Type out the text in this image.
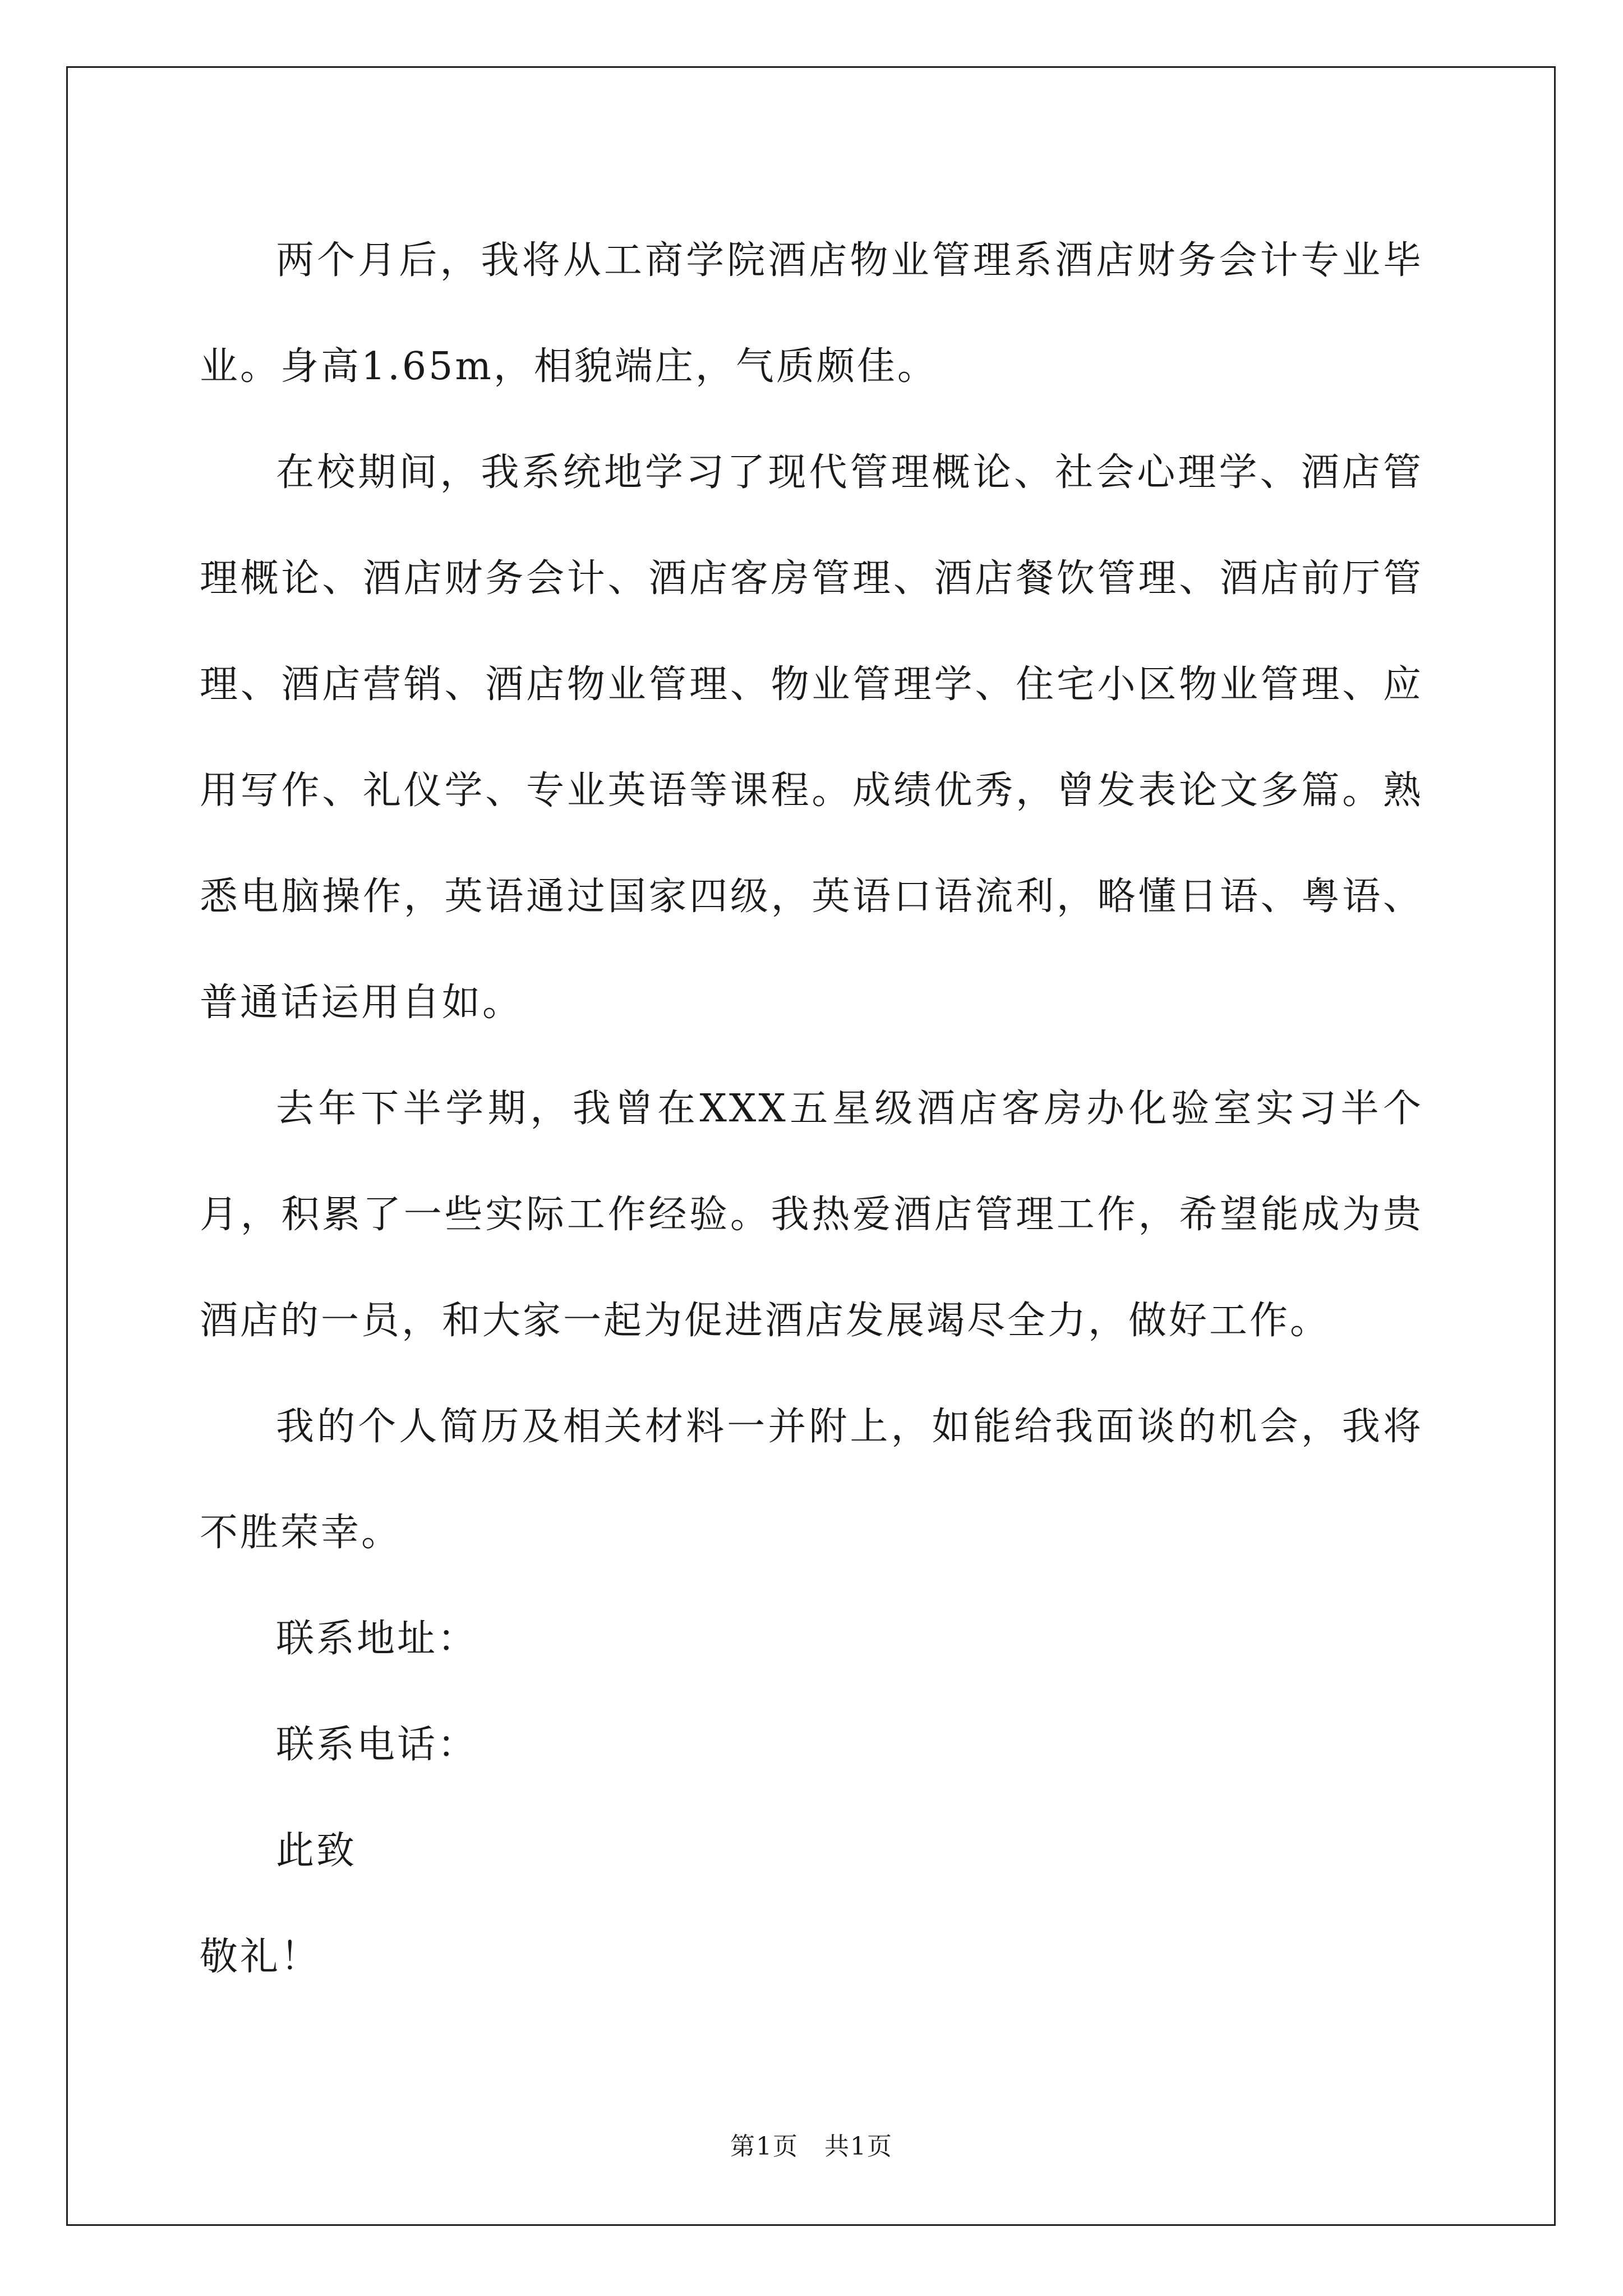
两个月后，我将从工商学院酒店物业管理系酒店财务会计专业毕业。身高1.65m，相貌端庄，气质颇佳。

在校期间，我系统地学习了现代管理概论、社会心理学、酒店管理概论、酒店财务会计、酒店客房管理、酒店餐饮管理、酒店前厅管理、酒店营销、酒店物业管理、物业管理学、住宅小区物业管理、应用写作、礼仪学、专业英语等课程。成绩优秀，曾发表论文多篇。熟悉电脑操作，英语通过国家四级，英语口语流利，略懂日语、粤语、普通话运用自如。

去年下半学期，我曾在XXX五星级酒店客房办化验室实习半个月，积累了一些实际工作经验。我热爱酒店管理工作，希望能成为贵酒店的一员，和大家一起为促进酒店发展竭尽全力，做好工作。

我的个人简历及相关材料一并附上，如能给我面谈的机会，我将不胜荣幸。

联系地址：

联系电话：

此致

敬礼！

第1页　共1页
